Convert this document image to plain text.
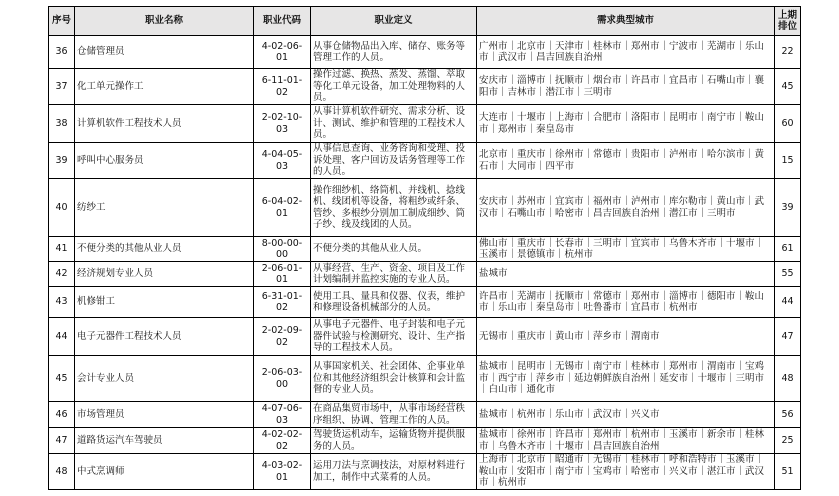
序号	职业名称	职业代码	职业定义	需求典型城市	上期
排位
36	仓储管理员	4-02-06-01	从事仓储物品出入库、储存、账务等管理工作的人员。	广州市｜北京市｜天津市｜桂林市｜郑州市｜宁波市｜芜湖市｜乐山市｜武汉市｜昌吉回族自治州	22
37	化工单元操作工	6-11-01-02	操作过滤、换热、蒸发、蒸馏、萃取等化工单元设备，加工处理物料的人员。	安庆市｜淄博市｜抚顺市｜烟台市｜许昌市｜宜昌市｜石嘴山市｜襄阳市｜吉林市｜潜江市｜三明市	45
38	计算机软件工程技术人员	2-02-10-03	从事计算机软件研究、需求分析、设计、测试、维护和管理的工程技术人员。	大连市｜十堰市｜上海市｜合肥市｜洛阳市｜昆明市｜南宁市｜鞍山市｜郑州市｜秦皇岛市	60
39	呼叫中心服务员	4-04-05-03	从事信息查询、业务咨询和受理、投诉处理、客户回访及话务管理等工作的人员。	北京市｜重庆市｜徐州市｜常德市｜贵阳市｜泸州市｜哈尔滨市｜黄石市｜大同市｜四平市	15
40	纺纱工	6-04-02-01	操作细纱机、络筒机、并线机、捻线机、线团机等设备，将粗纱或纤条、管纱、多根纱分别加工制成细纱、筒子纱、线及线团的人员。	安庆市｜苏州市｜宜宾市｜福州市｜泸州市｜库尔勒市｜黄山市｜武汉市｜石嘴山市｜哈密市｜昌吉回族自治州｜潜江市｜三明市	39
41	不便分类的其他从业人员	8-00-00-00	不便分类的其他从业人员。	佛山市｜重庆市｜长春市｜三明市｜宜宾市｜乌鲁木齐市｜十堰市｜玉溪市｜景德镇市｜杭州市	61
42	经济规划专业人员	2-06-01-01	从事经营、生产、资金、项目及工作计划编制并监控实施的专业人员。	盐城市	55
43	机修钳工	6-31-01-02	使用工具、量具和仪器、仪表，维护和修理设备机械部分的人员。	许昌市｜芜湖市｜抚顺市｜常德市｜郑州市｜淄博市｜德阳市｜鞍山市｜乐山市｜秦皇岛市｜吐鲁番市｜宜昌市｜杭州市	44
44	电子元器件工程技术人员	2-02-09-02	从事电子元器件、电子封装和电子元器件试验与检测研究、设计、生产指导的工程技术人员。	无锡市｜重庆市｜黄山市｜萍乡市｜渭南市	47
45	会计专业人员	2-06-03-00	从事国家机关、社会团体、企事业单位和其他经济组织会计核算和会计监督的专业人员。	盐城市｜昆明市｜无锡市｜南宁市｜桂林市｜郑州市｜渭南市｜宝鸡市｜西宁市｜萍乡市｜延边朝鲜族自治州｜延安市｜十堰市｜三明市｜白山市｜通化市	48
46	市场管理员	4-07-06-03	在商品集贸市场中，从事市场经营秩序组织、协调、管理工作的人员。	盐城市｜杭州市｜乐山市｜武汉市｜兴义市	56
47	道路货运汽车驾驶员	4-02-02-02	驾驶货运机动车，运输货物并提供服务的人员。	盐城市｜徐州市｜许昌市｜郑州市｜杭州市｜玉溪市｜新余市｜桂林市｜乌鲁木齐市｜十堰市｜昌吉回族自治州	25
48	中式烹调师	4-03-02-01	运用刀法与烹调技法，对原材料进行加工，制作中式菜肴的人员。	上海市｜北京市｜昭通市｜无锡市｜桂林市｜呼和浩特市｜玉溪市｜鞍山市｜安阳市｜南宁市｜宝鸡市｜哈密市｜兴义市｜湛江市｜武汉市｜杭州市	51
